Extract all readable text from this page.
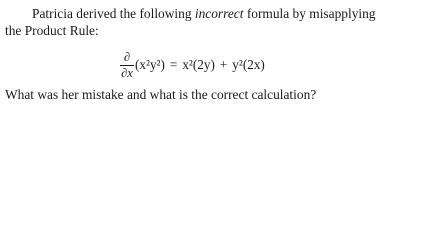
Patricia derived the following incorrect formula by misapplying
the Product Rule:
$\frac{\partial}{\partial x} (x^2y^2) = x^2(2y) + y^2(2x)$
What was her mistake and what is the correct calculation?
